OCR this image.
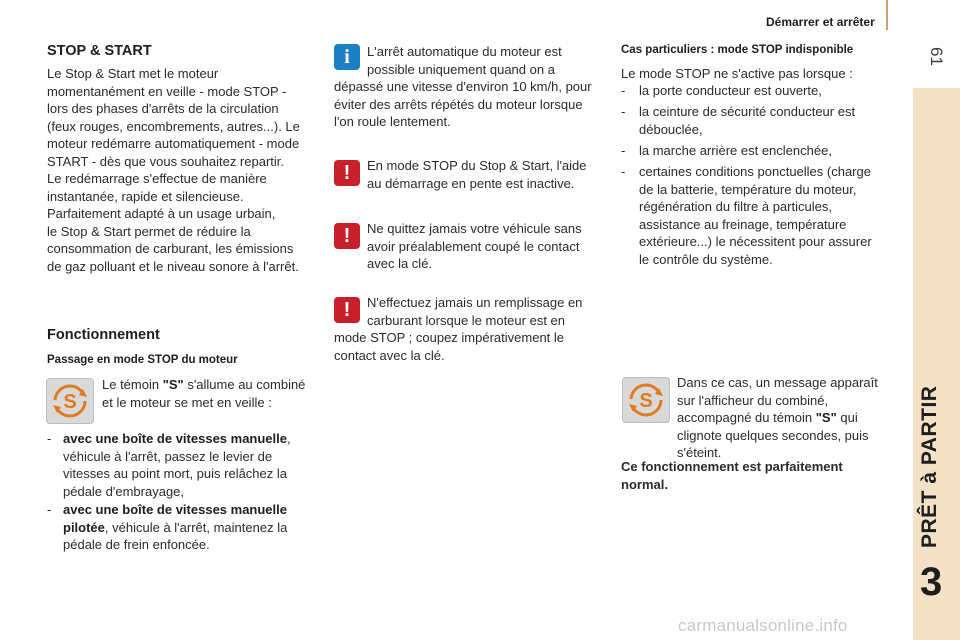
Démarrer et arrêter
61
PRÊT à PARTIR
3
STOP & START
Le Stop & Start met le moteur
momentanément en veille - mode STOP -
lors des phases d'arrêts de la circulation
(feux rouges, encombrements, autres...). Le
moteur redémarre automatiquement - mode
START - dès que vous souhaitez repartir.
Le redémarrage s'effectue de manière
instantanée, rapide et silencieuse.
Parfaitement adapté à un usage urbain,
le Stop & Start permet de réduire la
consommation de carburant, les émissions
de gaz polluant et le niveau sonore à l'arrêt.
Fonctionnement
Passage en mode STOP du moteur
S
Le témoin "S" s'allume au combiné
et le moteur se met en veille :
- avec une boîte de vitesses manuelle,
véhicule à l'arrêt, passez le levier de
vitesses au point mort, puis relâchez la
pédale d'embrayage,
- avec une boîte de vitesses manuelle
pilotée, véhicule à l'arrêt, maintenez la
pédale de frein enfoncée.
i	L'arrêt automatique du moteur est
possible uniquement quand on a
dépassé une vitesse d'environ 10 km/h, pour
éviter des arrêts répétés du moteur lorsque
l'on roule lentement.
!	En mode STOP du Stop & Start, l'aide
au démarrage en pente est inactive.
!	Ne quittez jamais votre véhicule sans
avoir préalablement coupé le contact
avec la clé.
!	N'effectuez jamais un remplissage en
carburant lorsque le moteur est en
mode STOP ; coupez impérativement le
contact avec la clé.
Cas particuliers : mode STOP indisponible
Le mode STOP ne s'active pas lorsque :
- la porte conducteur est ouverte,
- la ceinture de sécurité conducteur est
débouclée,
- la marche arrière est enclenchée,
- certaines conditions ponctuelles (charge
de la batterie, température du moteur,
régénération du filtre à particules,
assistance au freinage, température
extérieure...) le nécessitent pour assurer
le contrôle du système.
S
Dans ce cas, un message apparaît
sur l'afficheur du combiné,
accompagné du témoin "S" qui
clignote quelques secondes, puis
s'éteint.
Ce fonctionnement est parfaitement
normal.
carmanualsonline.info
